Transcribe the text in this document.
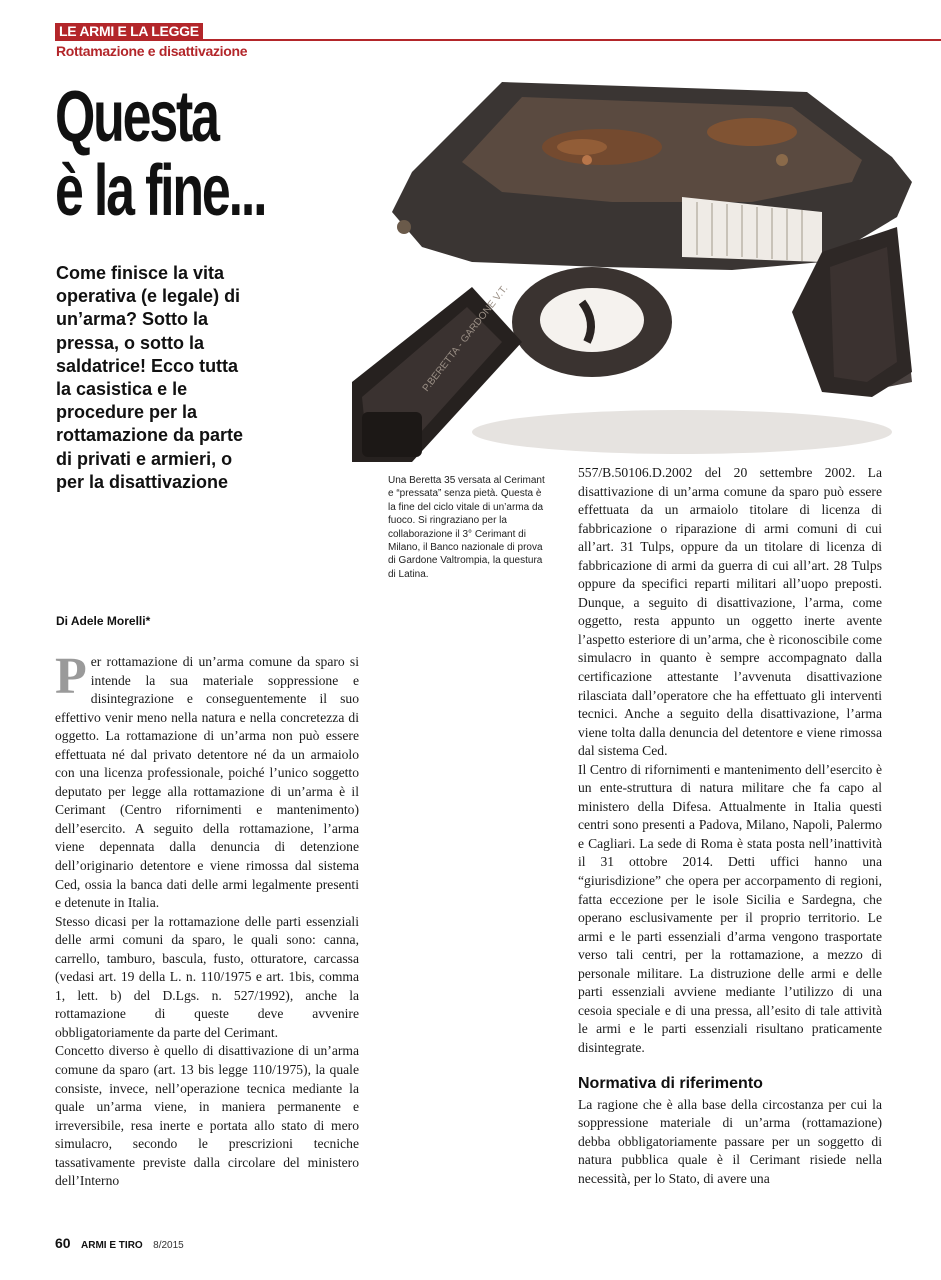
LE ARMI E LA LEGGE
Rottamazione e disattivazione
P.BERETTA - GARDONE V.T.
Questa
è la fine...

Come finisce la vita operativa (e legale) di un’arma? Sotto la pressa, o sotto la saldatrice! Ecco tutta la casistica e le procedure per la rottamazione da parte di privati e armieri, o per la disattivazione	Una Beretta 35 versata al Cerimant e “pressata” senza pietà. Questa è la fine del ciclo vitale di un’arma da fuoco. Si ringraziano per la collaborazione il 3° Cerimant di Milano, il Banco nazionale di prova di Gardone Valtrompia, la questura di Latina.

Di Adele Morelli*

Per rottamazione di un’arma comune da sparo si intende la sua materiale soppressione e disintegrazione e conseguentemente il suo effettivo venir meno nella natura e nella concretezza di oggetto. La rottamazione di un’arma non può essere effettuata né dal privato detentore né da un armaiolo con una licenza professionale, poiché l’unico soggetto deputato per legge alla rottamazione di un’arma è il Cerimant (Centro rifornimenti e mantenimento) dell’esercito. A seguito della rottamazione, l’arma viene depennata dalla denuncia di detenzione dell’originario detentore e viene rimossa dal sistema Ced, ossia la banca dati delle armi legalmente presenti e detenute in Italia.

Stesso dicasi per la rottamazione delle parti essenziali delle armi comuni da sparo, le quali sono: canna, carrello, tamburo, bascula, fusto, otturatore, carcassa (vedasi art. 19 della L. n. 110/1975 e art. 1bis, comma 1, lett. b) del D.Lgs. n. 527/1992), anche la rottamazione di queste deve avvenire obbligatoriamente da parte del Cerimant.

Concetto diverso è quello di disattivazione di un’arma comune da sparo (art. 13 bis legge 110/1975), la quale consiste, invece, nell’operazione tecnica mediante la quale un’arma viene, in maniera permanente e irreversibile, resa inerte e portata allo stato di mero simulacro, secondo le prescrizioni tecniche tassativamente previste dalla circolare del ministero dell’Interno

557/B.50106.D.2002 del 20 settembre 2002. La disattivazione di un’arma comune da sparo può essere effettuata da un armaiolo titolare di licenza di fabbricazione o riparazione di armi comuni di cui all’art. 31 Tulps, oppure da un titolare di licenza di fabbricazione di armi da guerra di cui all’art. 28 Tulps oppure da specifici reparti militari all’uopo preposti. Dunque, a seguito di disattivazione, l’arma, come oggetto, resta appunto un oggetto inerte avente l’aspetto esteriore di un’arma, che è riconoscibile come simulacro in quanto è sempre accompagnato dalla certificazione attestante l’avvenuta disattivazione rilasciata dall’operatore che ha effettuato gli interventi tecnici. Anche a seguito della disattivazione, l’arma viene tolta dalla denuncia del detentore e viene rimossa dal sistema Ced.

Il Centro di rifornimenti e mantenimento dell’esercito è un ente-struttura di natura militare che fa capo al ministero della Difesa. Attualmente in Italia questi centri sono presenti a Padova, Milano, Napoli, Palermo e Cagliari. La sede di Roma è stata posta nell’inattività il 31 ottobre 2014. Detti uffici hanno una “giurisdizione” che opera per accorpamento di regioni, fatta eccezione per le isole Sicilia e Sardegna, che operano esclusivamente per il proprio territorio. Le armi e le parti essenziali d’arma vengono trasportate verso tali centri, per la rottamazione, a mezzo di personale militare. La distruzione delle armi e delle parti essenziali avviene mediante l’utilizzo di una cesoia speciale e di una pressa, all’esito di tale attività le armi e le parti essenziali risultano praticamente disintegrate.

Normativa di riferimento

La ragione che è alla base della circostanza per cui la soppressione materiale di un’arma (rottamazione) debba obbligatoriamente passare per un soggetto di natura pubblica quale è il Cerimant risiede nella necessità, per lo Stato, di avere una

60 ARMI E TIRO 8/2015
